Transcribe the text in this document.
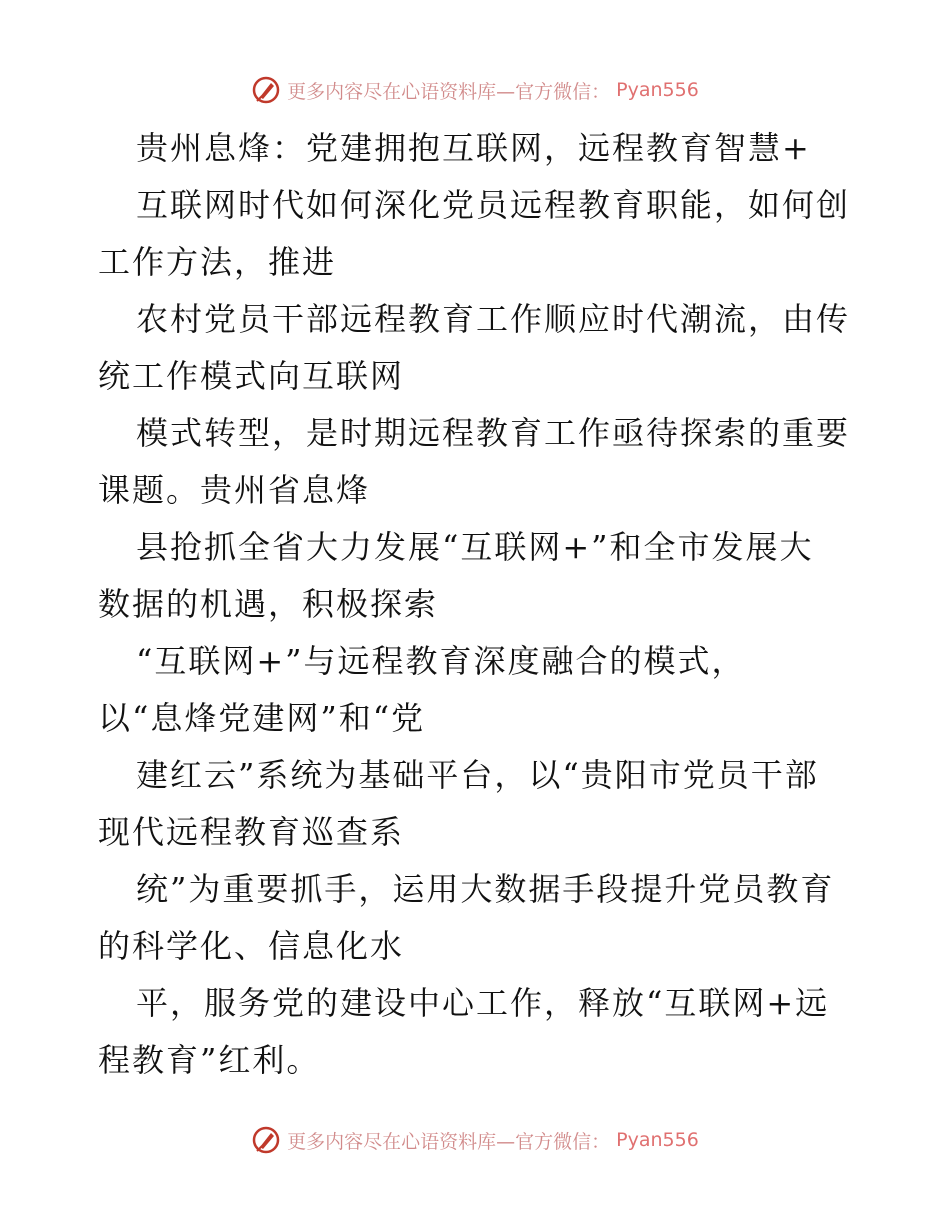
更多内容尽在心语资料库—官方微信： Pyan556
贵州息烽：党建拥抱互联网，远程教育智慧+
互联网时代如何深化党员远程教育职能，如何创
工作方法，推进
农村党员干部远程教育工作顺应时代潮流，由传
统工作模式向互联网
模式转型，是时期远程教育工作亟待探索的重要
课题。贵州省息烽
县抢抓全省大力发展“互联网+”和全市发展大
数据的机遇，积极探索
“互联网+”与远程教育深度融合的模式，
以“息烽党建网”和“党
建红云”系统为基础平台，以“贵阳市党员干部
现代远程教育巡查系
统”为重要抓手，运用大数据手段提升党员教育
的科学化、信息化水
平，服务党的建设中心工作，释放“互联网+远
程教育”红利。
更多内容尽在心语资料库—官方微信： Pyan556
